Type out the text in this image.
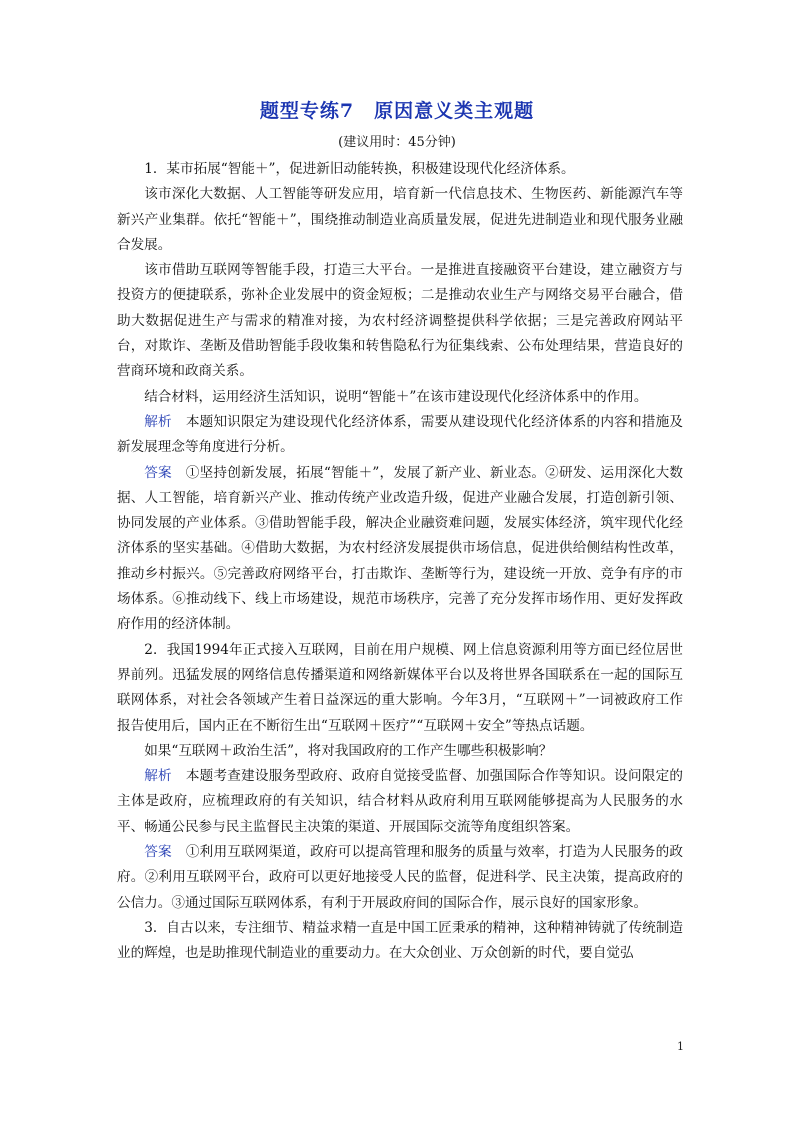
题型专练7　原因意义类主观题
(建议用时：45分钟)

1．某市拓展“智能＋”，促进新旧动能转换，积极建设现代化经济体系。

该市深化大数据、人工智能等研发应用，培育新一代信息技术、生物医药、新能源汽车等新兴产业集群。依托“智能＋”，围绕推动制造业高质量发展，促进先进制造业和现代服务业融合发展。

该市借助互联网等智能手段，打造三大平台。一是推进直接融资平台建设，建立融资方与投资方的便捷联系，弥补企业发展中的资金短板；二是推动农业生产与网络交易平台融合，借助大数据促进生产与需求的精准对接，为农村经济调整提供科学依据；三是完善政府网站平台，对欺诈、垄断及借助智能手段收集和转售隐私行为征集线索、公布处理结果，营造良好的营商环境和政商关系。

结合材料，运用经济生活知识，说明“智能＋”在该市建设现代化经济体系中的作用。

解析 本题知识限定为建设现代化经济体系，需要从建设现代化经济体系的内容和措施及新发展理念等角度进行分析。

答案 ①坚持创新发展，拓展“智能＋”，发展了新产业、新业态。②研发、运用深化大数据、人工智能，培育新兴产业、推动传统产业改造升级，促进产业融合发展，打造创新引领、协同发展的产业体系。③借助智能手段，解决企业融资难问题，发展实体经济，筑牢现代化经济体系的坚实基础。④借助大数据，为农村经济发展提供市场信息，促进供给侧结构性改革，推动乡村振兴。⑤完善政府网络平台，打击欺诈、垄断等行为，建设统一开放、竞争有序的市场体系。⑥推动线下、线上市场建设，规范市场秩序，完善了充分发挥市场作用、更好发挥政府作用的经济体制。

2．我国1994年正式接入互联网，目前在用户规模、网上信息资源利用等方面已经位居世界前列。迅猛发展的网络信息传播渠道和网络新媒体平台以及将世界各国联系在一起的国际互联网体系，对社会各领域产生着日益深远的重大影响。今年3月，“互联网＋”一词被政府工作报告使用后，国内正在不断衍生出“互联网＋医疗”“互联网＋安全”等热点话题。

如果“互联网＋政治生活”，将对我国政府的工作产生哪些积极影响？

解析 本题考查建设服务型政府、政府自觉接受监督、加强国际合作等知识。设问限定的主体是政府，应梳理政府的有关知识，结合材料从政府利用互联网能够提高为人民服务的水平、畅通公民参与民主监督民主决策的渠道、开展国际交流等角度组织答案。

答案 ①利用互联网渠道，政府可以提高管理和服务的质量与效率，打造为人民服务的政府。②利用互联网平台，政府可以更好地接受人民的监督，促进科学、民主决策，提高政府的公信力。③通过国际互联网体系，有利于开展政府间的国际合作，展示良好的国家形象。

3．自古以来，专注细节、精益求精一直是中国工匠秉承的精神，这种精神铸就了传统制造业的辉煌，也是助推现代制造业的重要动力。在大众创业、万众创新的时代，要自觉弘

1
